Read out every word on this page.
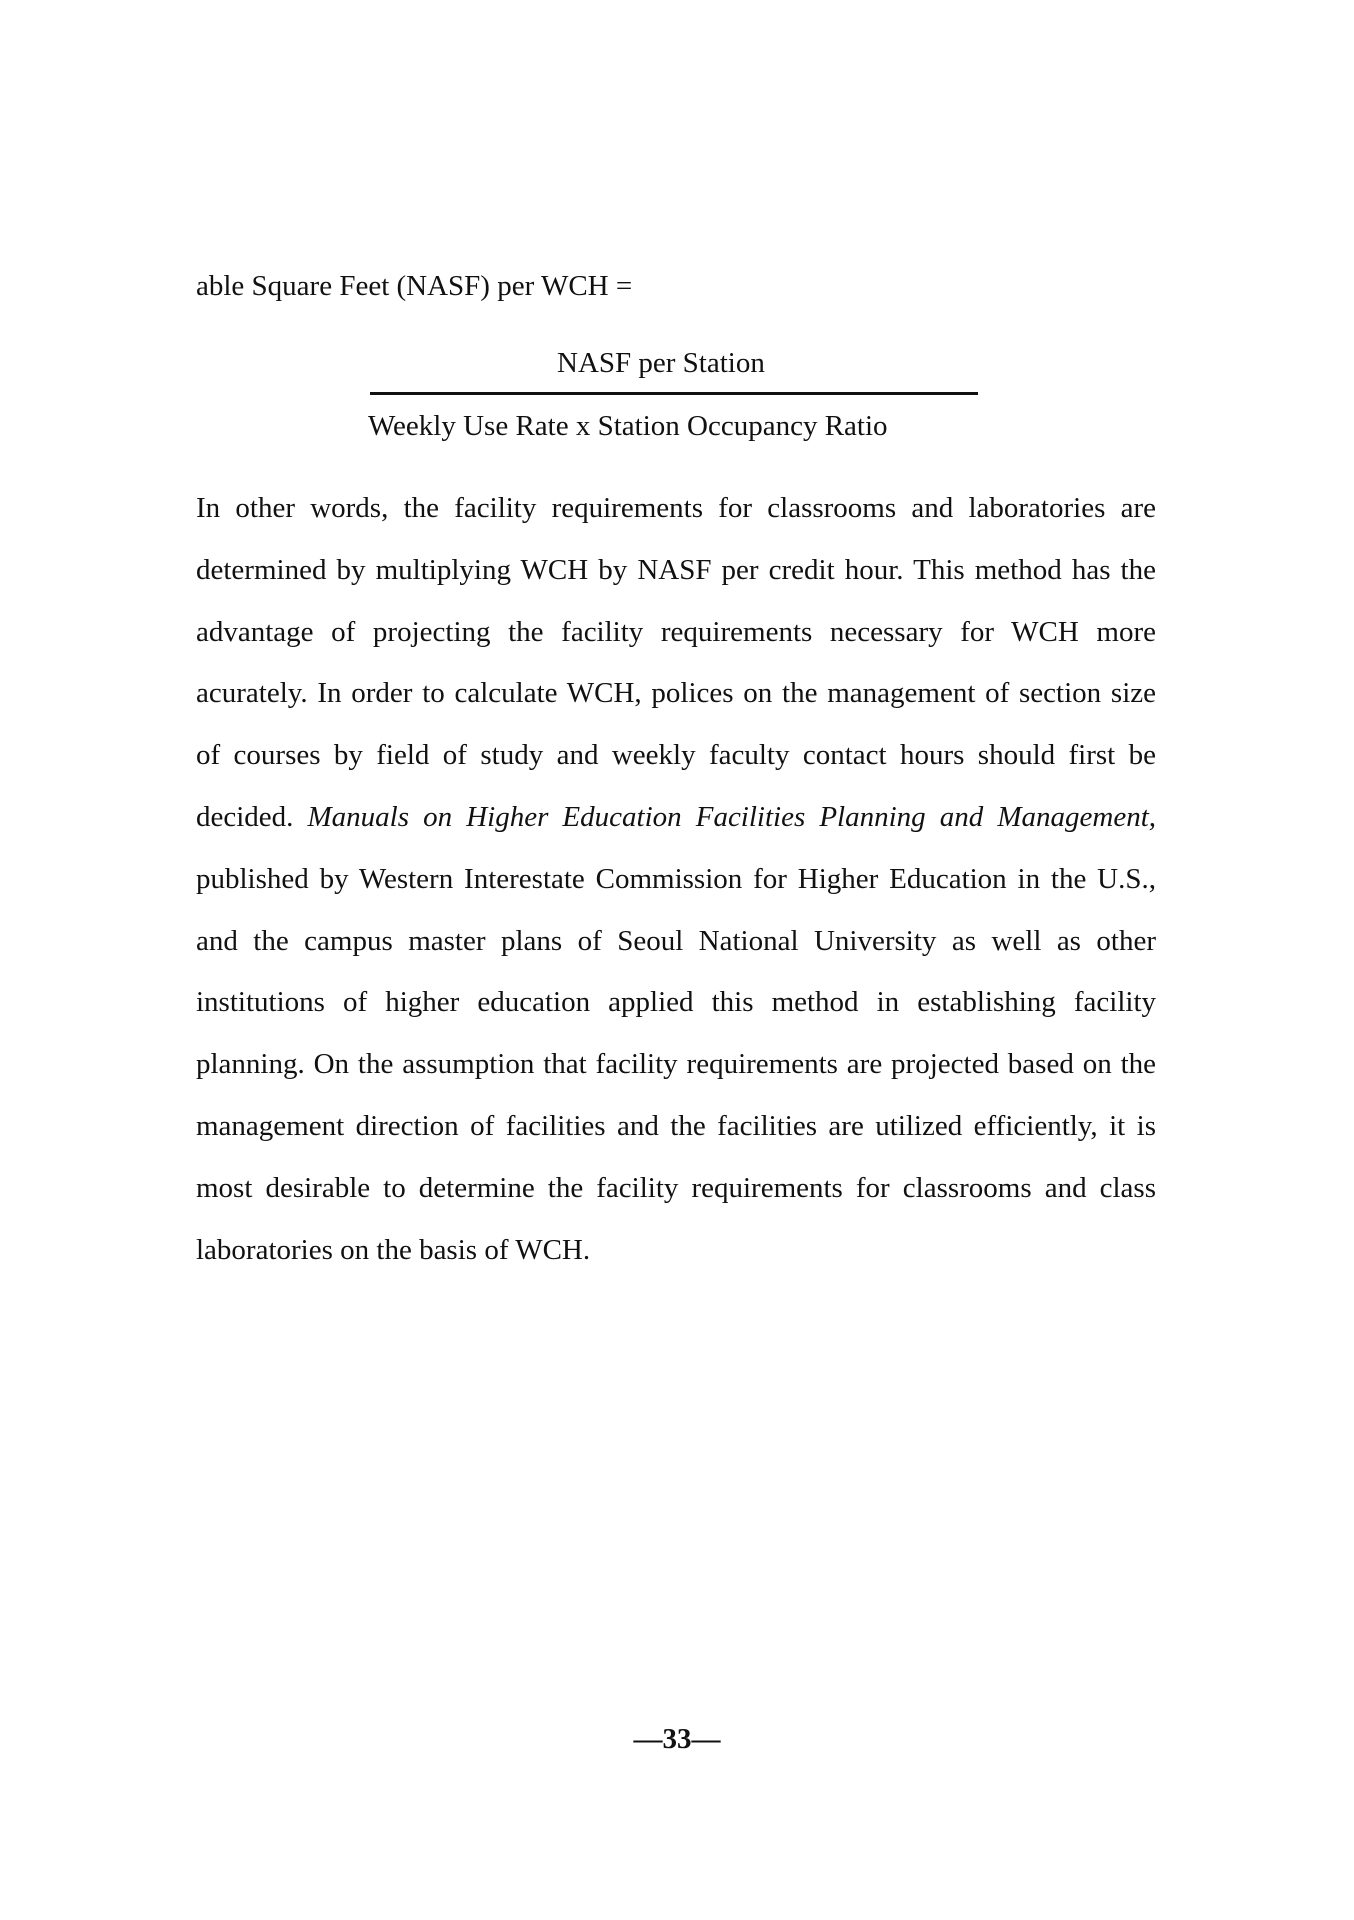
able Square Feet (NASF) per WCH =
NASF per Station
Weekly Use Rate x Station Occupancy Ratio
In other words, the facility requirements for classrooms and laboratories are determined by multiplying WCH by NASF per credit hour. This method has the advantage of projecting the facility requirements necessary for WCH more acurately. In order to calculate WCH, polices on the management of section size of courses by field of study and weekly faculty contact hours should first be decided. Manuals on Higher Education Facilities Planning and Management, published by Western Interestate Commission for Higher Education in the U.S., and the campus master plans of Seoul National University as well as other institutions of higher education applied this method in establishing facility planning. On the assumption that facility requirements are projected based on the management direction of facilities and the facilities are utilized efficiently, it is most desirable to determine the facility requirements for classrooms and class laboratories on the basis of WCH.
—33—
